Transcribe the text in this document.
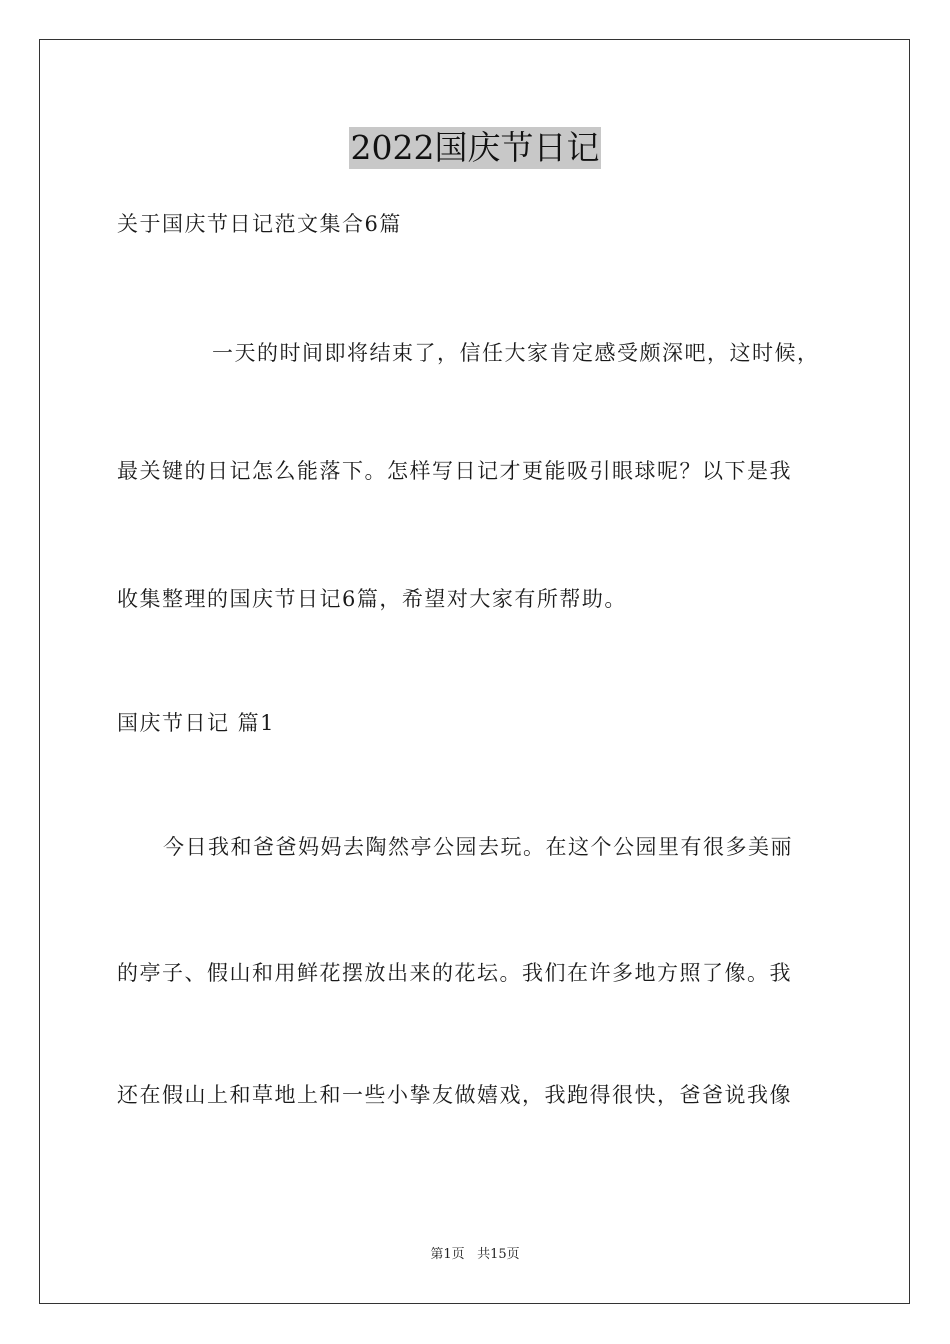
2022国庆节日记
关于国庆节日记范文集合6篇
一天的时间即将结束了，信任大家肯定感受颇深吧，这时候，
最关键的日记怎么能落下。怎样写日记才更能吸引眼球呢？以下是我
收集整理的国庆节日记6篇，希望对大家有所帮助。
国庆节日记 篇1
今日我和爸爸妈妈去陶然亭公园去玩。在这个公园里有很多美丽
的亭子、假山和用鲜花摆放出来的花坛。我们在许多地方照了像。我
还在假山上和草地上和一些小挚友做嬉戏，我跑得很快，爸爸说我像
第1页 共15页
